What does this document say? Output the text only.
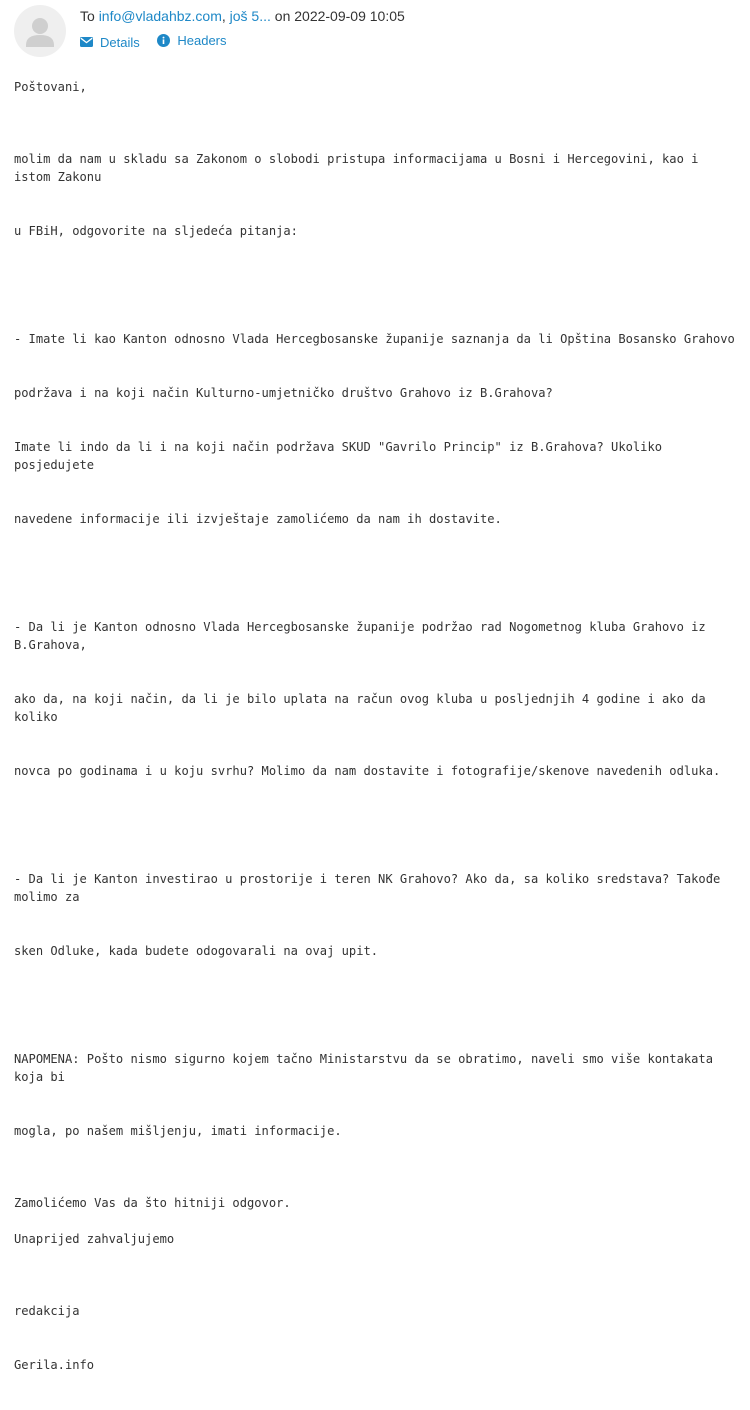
To info@vladahbz.com, još 5... on 2022-09-09 10:05
Details
	Headers
Poštovani,

molim da nam u skladu sa Zakonom o slobodi pristupa informacijama u Bosni i Hercegovini, kao i istom Zakonu

u FBiH, odgovorite na sljedeća pitanja:

- Imate li kao Kanton odnosno Vlada Hercegbosanske županije saznanja da li Opština Bosansko Grahovo

podržava i na koji način Kulturno-umjetničko društvo Grahovo iz B.Grahova?

Imate li indo da li i na koji način podržava SKUD "Gavrilo Princip" iz B.Grahova? Ukoliko posjedujete

navedene informacije ili izvještaje zamolićemo da nam ih dostavite.

- Da li je Kanton odnosno Vlada Hercegbosanske županije podržao rad Nogometnog kluba Grahovo iz B.Grahova,

ako da, na koji način, da li je bilo uplata na račun ovog kluba u posljednjih 4 godine i ako da koliko

novca po godinama i u koju svrhu? Molimo da nam dostavite i fotografije/skenove navedenih odluka.

- Da li je Kanton investirao u prostorije i teren NK Grahovo? Ako da, sa koliko sredstava? Takođe molimo za

sken Odluke, kada budete odogovarali na ovaj upit.

NAPOMENA: Pošto nismo sigurno kojem tačno Ministarstvu da se obratimo, naveli smo više kontakata koja bi

mogla, po našem mišljenju, imati informacije.

Zamolićemo Vas da što hitniji odgovor.
Unaprijed zahvaljujemo

redakcija

Gerila.info
